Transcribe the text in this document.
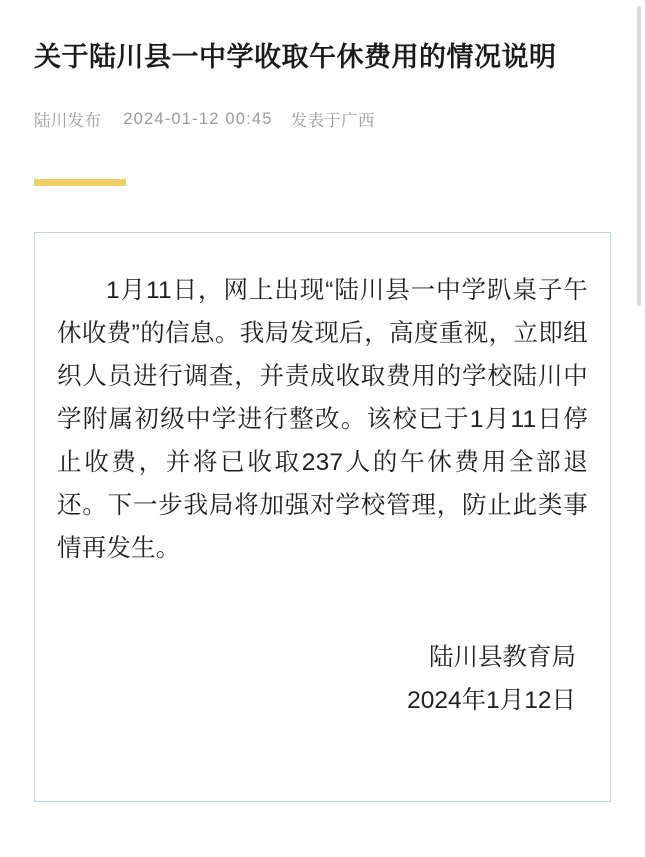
关于陆川县一中学收取午休费用的情况说明
陆川发布 2024-01-12 00:45 发表于广西

1月11日，网上出现“陆川县一中学趴桌子午休收费”的信息。我局发现后，高度重视，立即组织人员进行调查，并责成收取费用的学校陆川中学附属初级中学进行整改。该校已于1月11日停止收费，并将已收取237人的午休费用全部退还。下一步我局将加强对学校管理，防止此类事情再发生。

陆川县教育局
2024年1月12日
